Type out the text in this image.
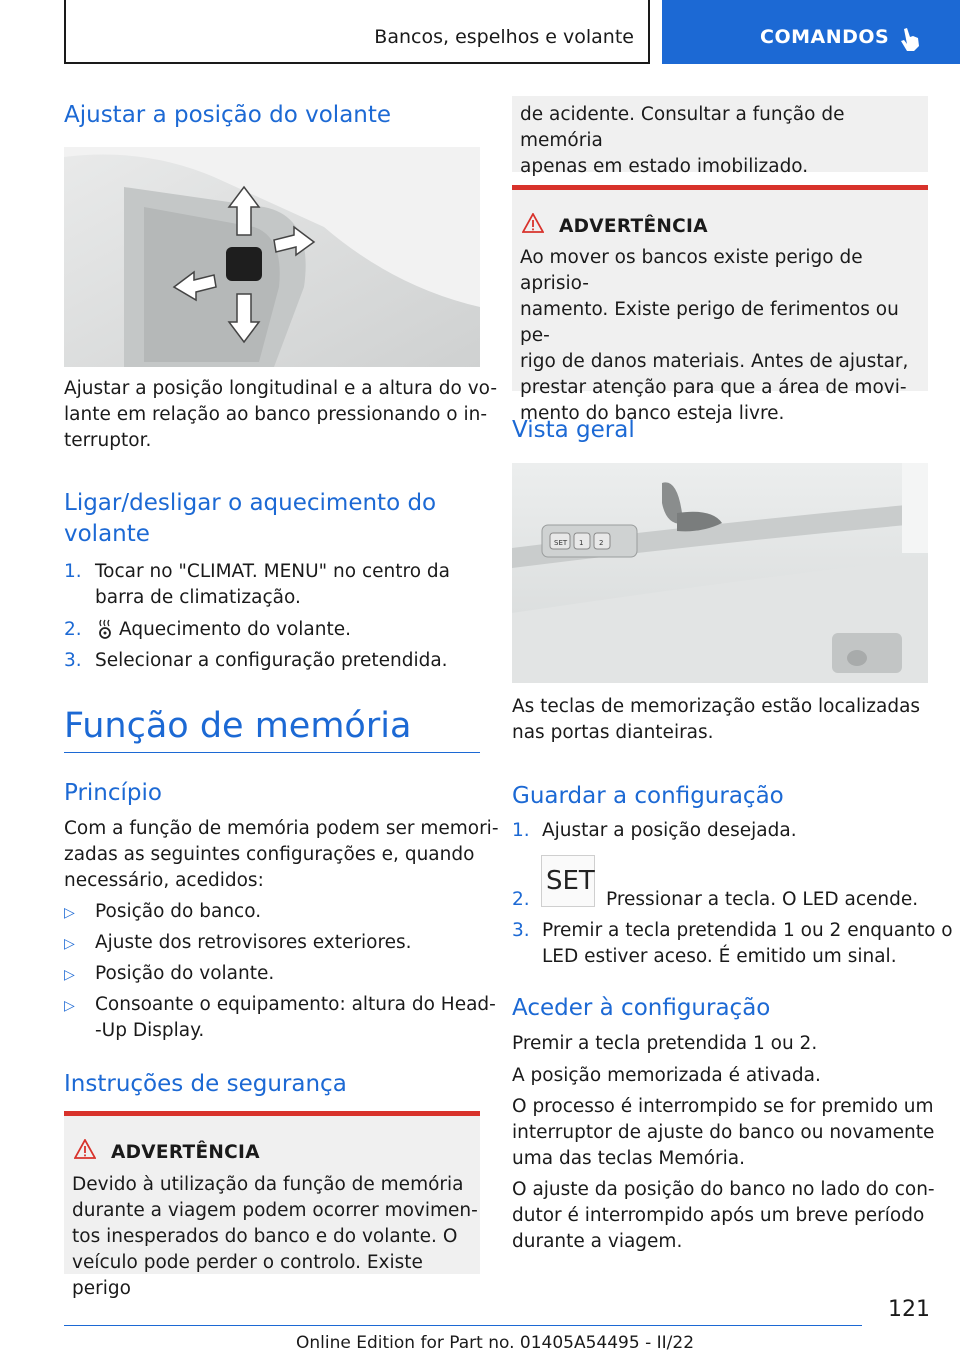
Bancos, espelhos e volante	COMANDOS
Ajustar a posição do volante

Ajustar a posição longitudinal e a altura do vo-
lante em relação ao banco pressionando o in-
terruptor.

Ligar/desligar o aquecimento do
volante
1. Tocar no "CLIMAT. MENU" no centro da
barra de climatização.
2. Aquecimento do volante.
3. Selecionar a configuração pretendida.
Função de memória
Princípio

Com a função de memória podem ser memori-
zadas as seguintes configurações e, quando
necessário, acedidos:

▷ Posição do banco.
▷ Ajuste dos retrovisores exteriores.
▷ Posição do volante.
▷ Consoante o equipamento: altura do Head-
-Up Display.
Instruções de segurança
ADVERTÊNCIA
Devido à utilização da função de memória
durante a viagem podem ocorrer movimen-
tos inesperados do banco e do volante. O
veículo pode perder o controlo. Existe perigo
de acidente. Consultar a função de memória
apenas em estado imobilizado.
ADVERTÊNCIA
Ao mover os bancos existe perigo de aprisio-
namento. Existe perigo de ferimentos ou pe-
rigo de danos materiais. Antes de ajustar,
prestar atenção para que a área de movi-
mento do banco esteja livre.
Vista geral
SET 1 2

As teclas de memorização estão localizadas
nas portas dianteiras.

Guardar a configuração
1. Ajustar a posição desejada.
2.
SET
Pressionar a tecla. O LED acende.
3. Premir a tecla pretendida 1 ou 2 enquanto o
LED estiver aceso. É emitido um sinal.
Aceder à configuração

Premir a tecla pretendida 1 ou 2.

A posição memorizada é ativada.

O processo é interrompido se for premido um
interruptor de ajuste do banco ou novamente
uma das teclas Memória.

O ajuste da posição do banco no lado do con-
dutor é interrompido após um breve período
durante a viagem.

121
Online Edition for Part no. 01405A54495 - II/22
